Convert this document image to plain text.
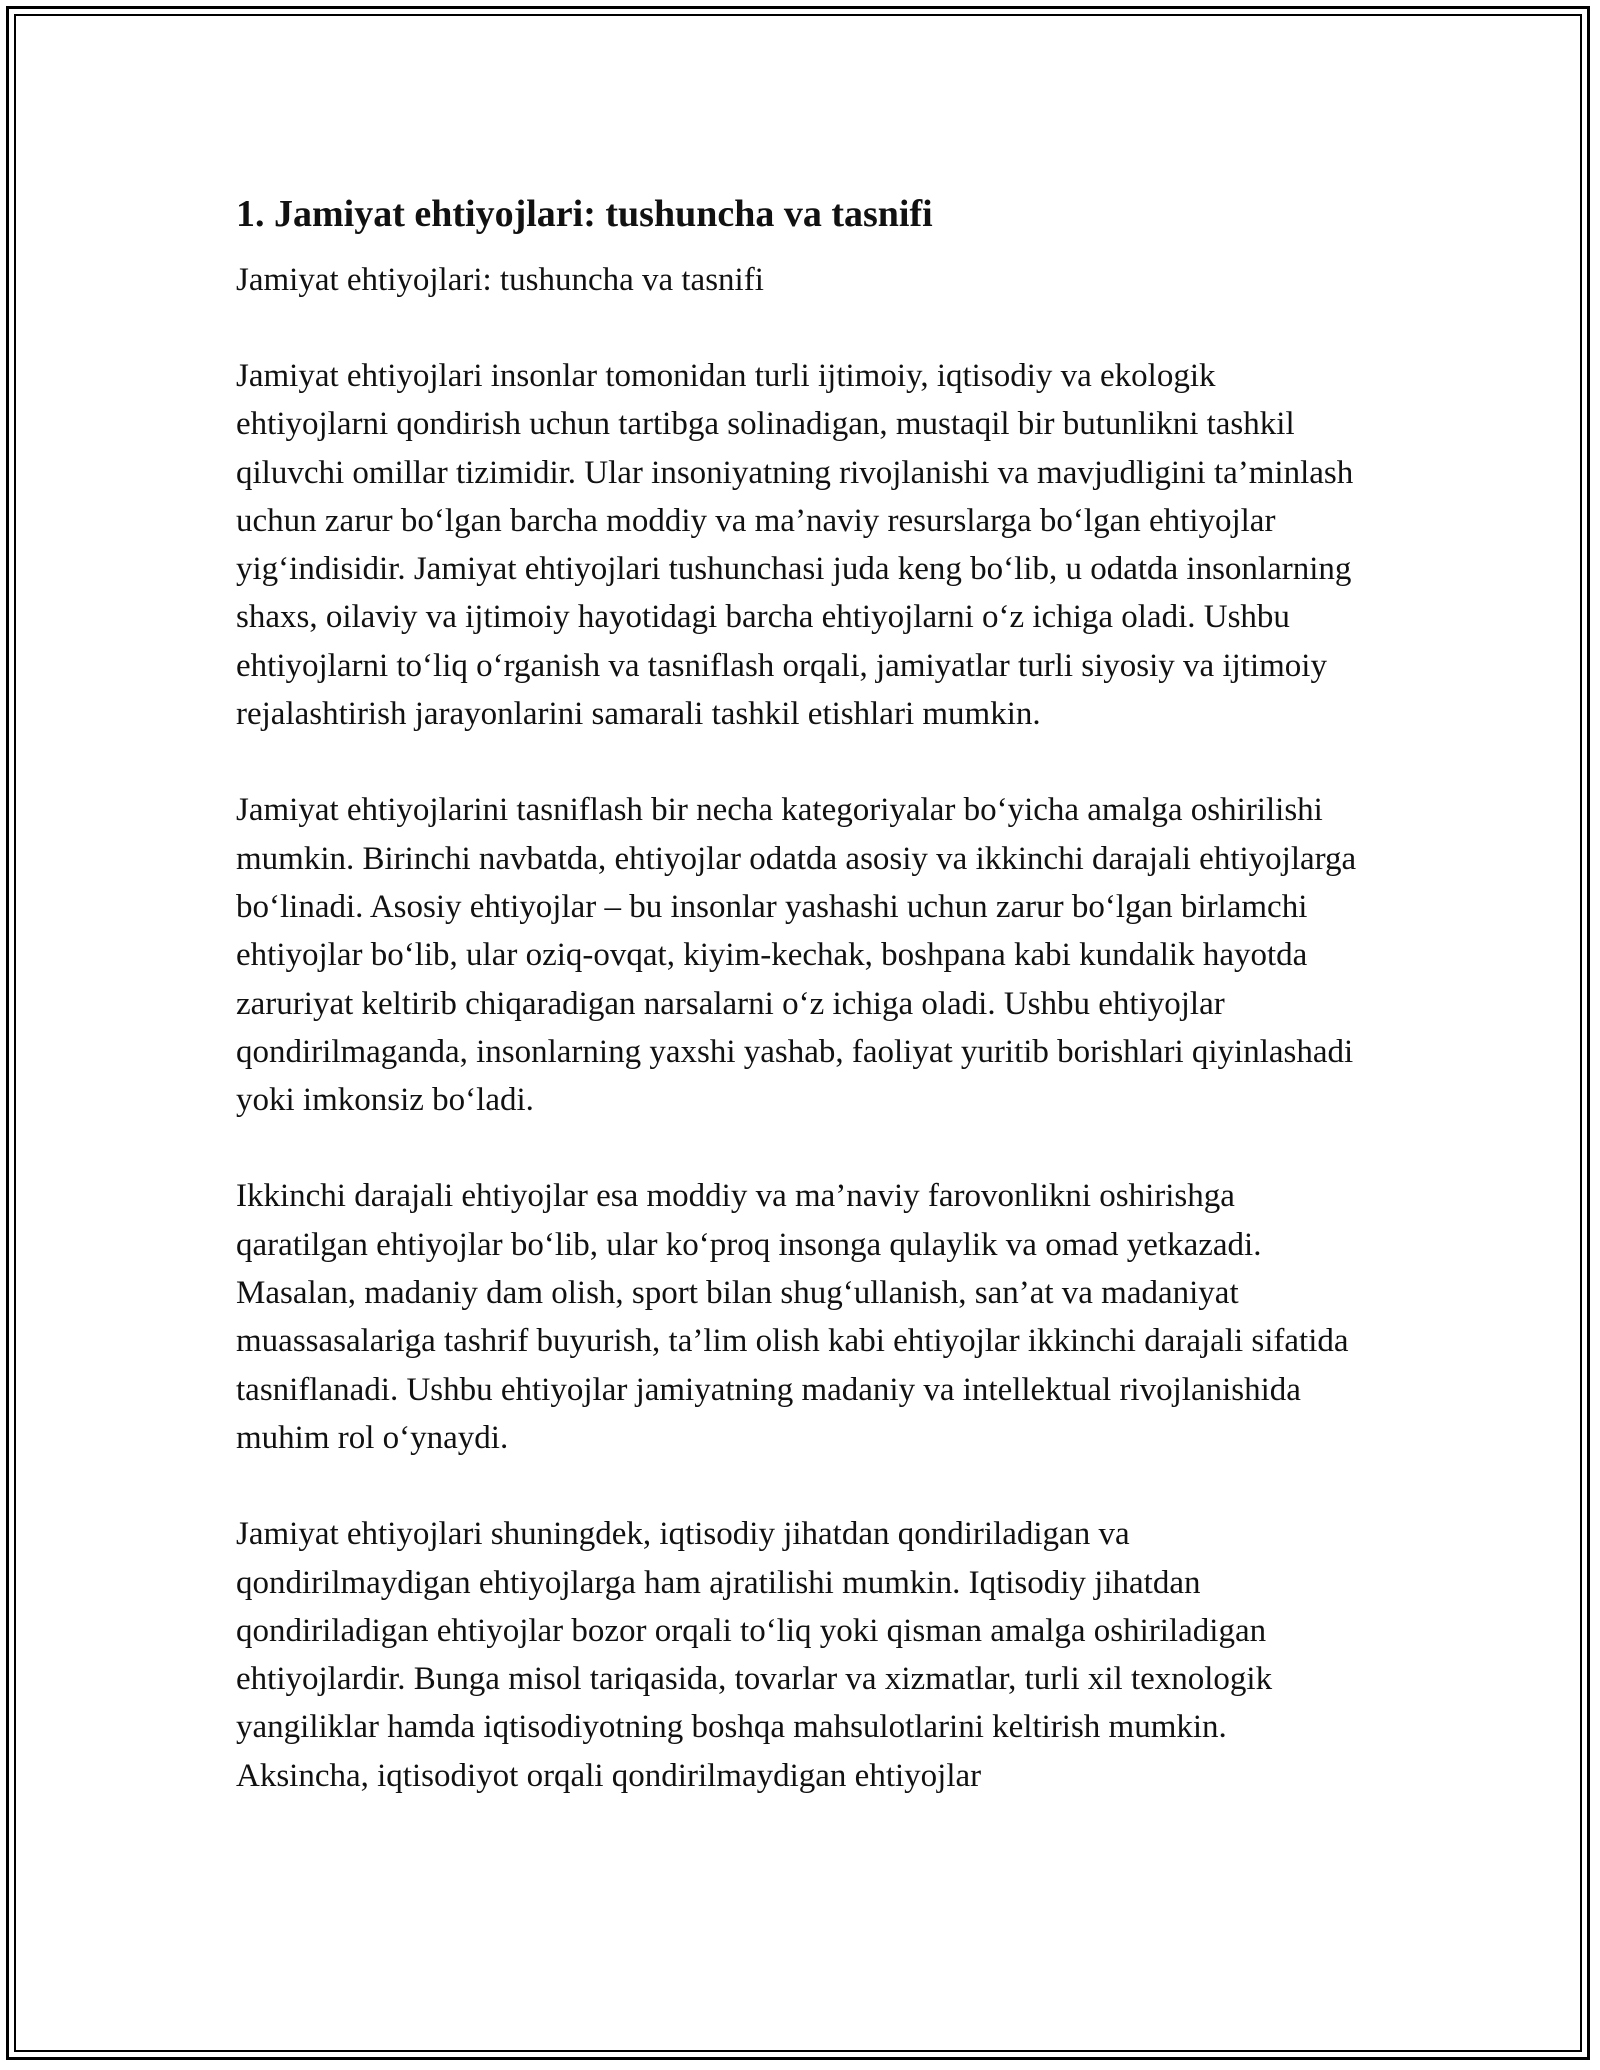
1. Jamiyat ehtiyojlari: tushuncha va tasnifi

Jamiyat ehtiyojlari: tushuncha va tasnifi

Jamiyat ehtiyojlari insonlar tomonidan turli ijtimoiy, iqtisodiy va ekologik ehtiyojlarni qondirish uchun tartibga solinadigan, mustaqil bir butunlikni tashkil qiluvchi omillar tizimidir. Ular insoniyatning rivojlanishi va mavjudligini ta’minlash uchun zarur bo‘lgan barcha moddiy va ma’naviy resurslarga bo‘lgan ehtiyojlar yig‘indisidir. Jamiyat ehtiyojlari tushunchasi juda keng bo‘lib, u odatda insonlarning shaxs, oilaviy va ijtimoiy hayotidagi barcha ehtiyojlarni o‘z ichiga oladi. Ushbu ehtiyojlarni to‘liq o‘rganish va tasniflash orqali, jamiyatlar turli siyosiy va ijtimoiy rejalashtirish jarayonlarini samarali tashkil etishlari mumkin.

Jamiyat ehtiyojlarini tasniflash bir necha kategoriyalar bo‘yicha amalga oshirilishi mumkin. Birinchi navbatda, ehtiyojlar odatda asosiy va ikkinchi darajali ehtiyojlarga bo‘linadi. Asosiy ehtiyojlar – bu insonlar yashashi uchun zarur bo‘lgan birlamchi ehtiyojlar bo‘lib, ular oziq-ovqat, kiyim-kechak, boshpana kabi kundalik hayotda zaruriyat keltirib chiqaradigan narsalarni o‘z ichiga oladi. Ushbu ehtiyojlar qondirilmaganda, insonlarning yaxshi yashab, faoliyat yuritib borishlari qiyinlashadi yoki imkonsiz bo‘ladi.

Ikkinchi darajali ehtiyojlar esa moddiy va ma’naviy farovonlikni oshirishga qaratilgan ehtiyojlar bo‘lib, ular ko‘proq insonga qulaylik va omad yetkazadi. Masalan, madaniy dam olish, sport bilan shug‘ullanish, san’at va madaniyat muassasalariga tashrif buyurish, ta’lim olish kabi ehtiyojlar ikkinchi darajali sifatida tasniflanadi. Ushbu ehtiyojlar jamiyatning madaniy va intellektual rivojlanishida muhim rol o‘ynaydi.

Jamiyat ehtiyojlari shuningdek, iqtisodiy jihatdan qondiriladigan va qondirilmaydigan ehtiyojlarga ham ajratilishi mumkin. Iqtisodiy jihatdan qondiriladigan ehtiyojlar bozor orqali to‘liq yoki qisman amalga oshiriladigan ehtiyojlardir. Bunga misol tariqasida, tovarlar va xizmatlar, turli xil texnologik yangiliklar hamda iqtisodiyotning boshqa mahsulotlarini keltirish mumkin. Aksincha, iqtisodiyot orqali qondirilmaydigan ehtiyojlar
